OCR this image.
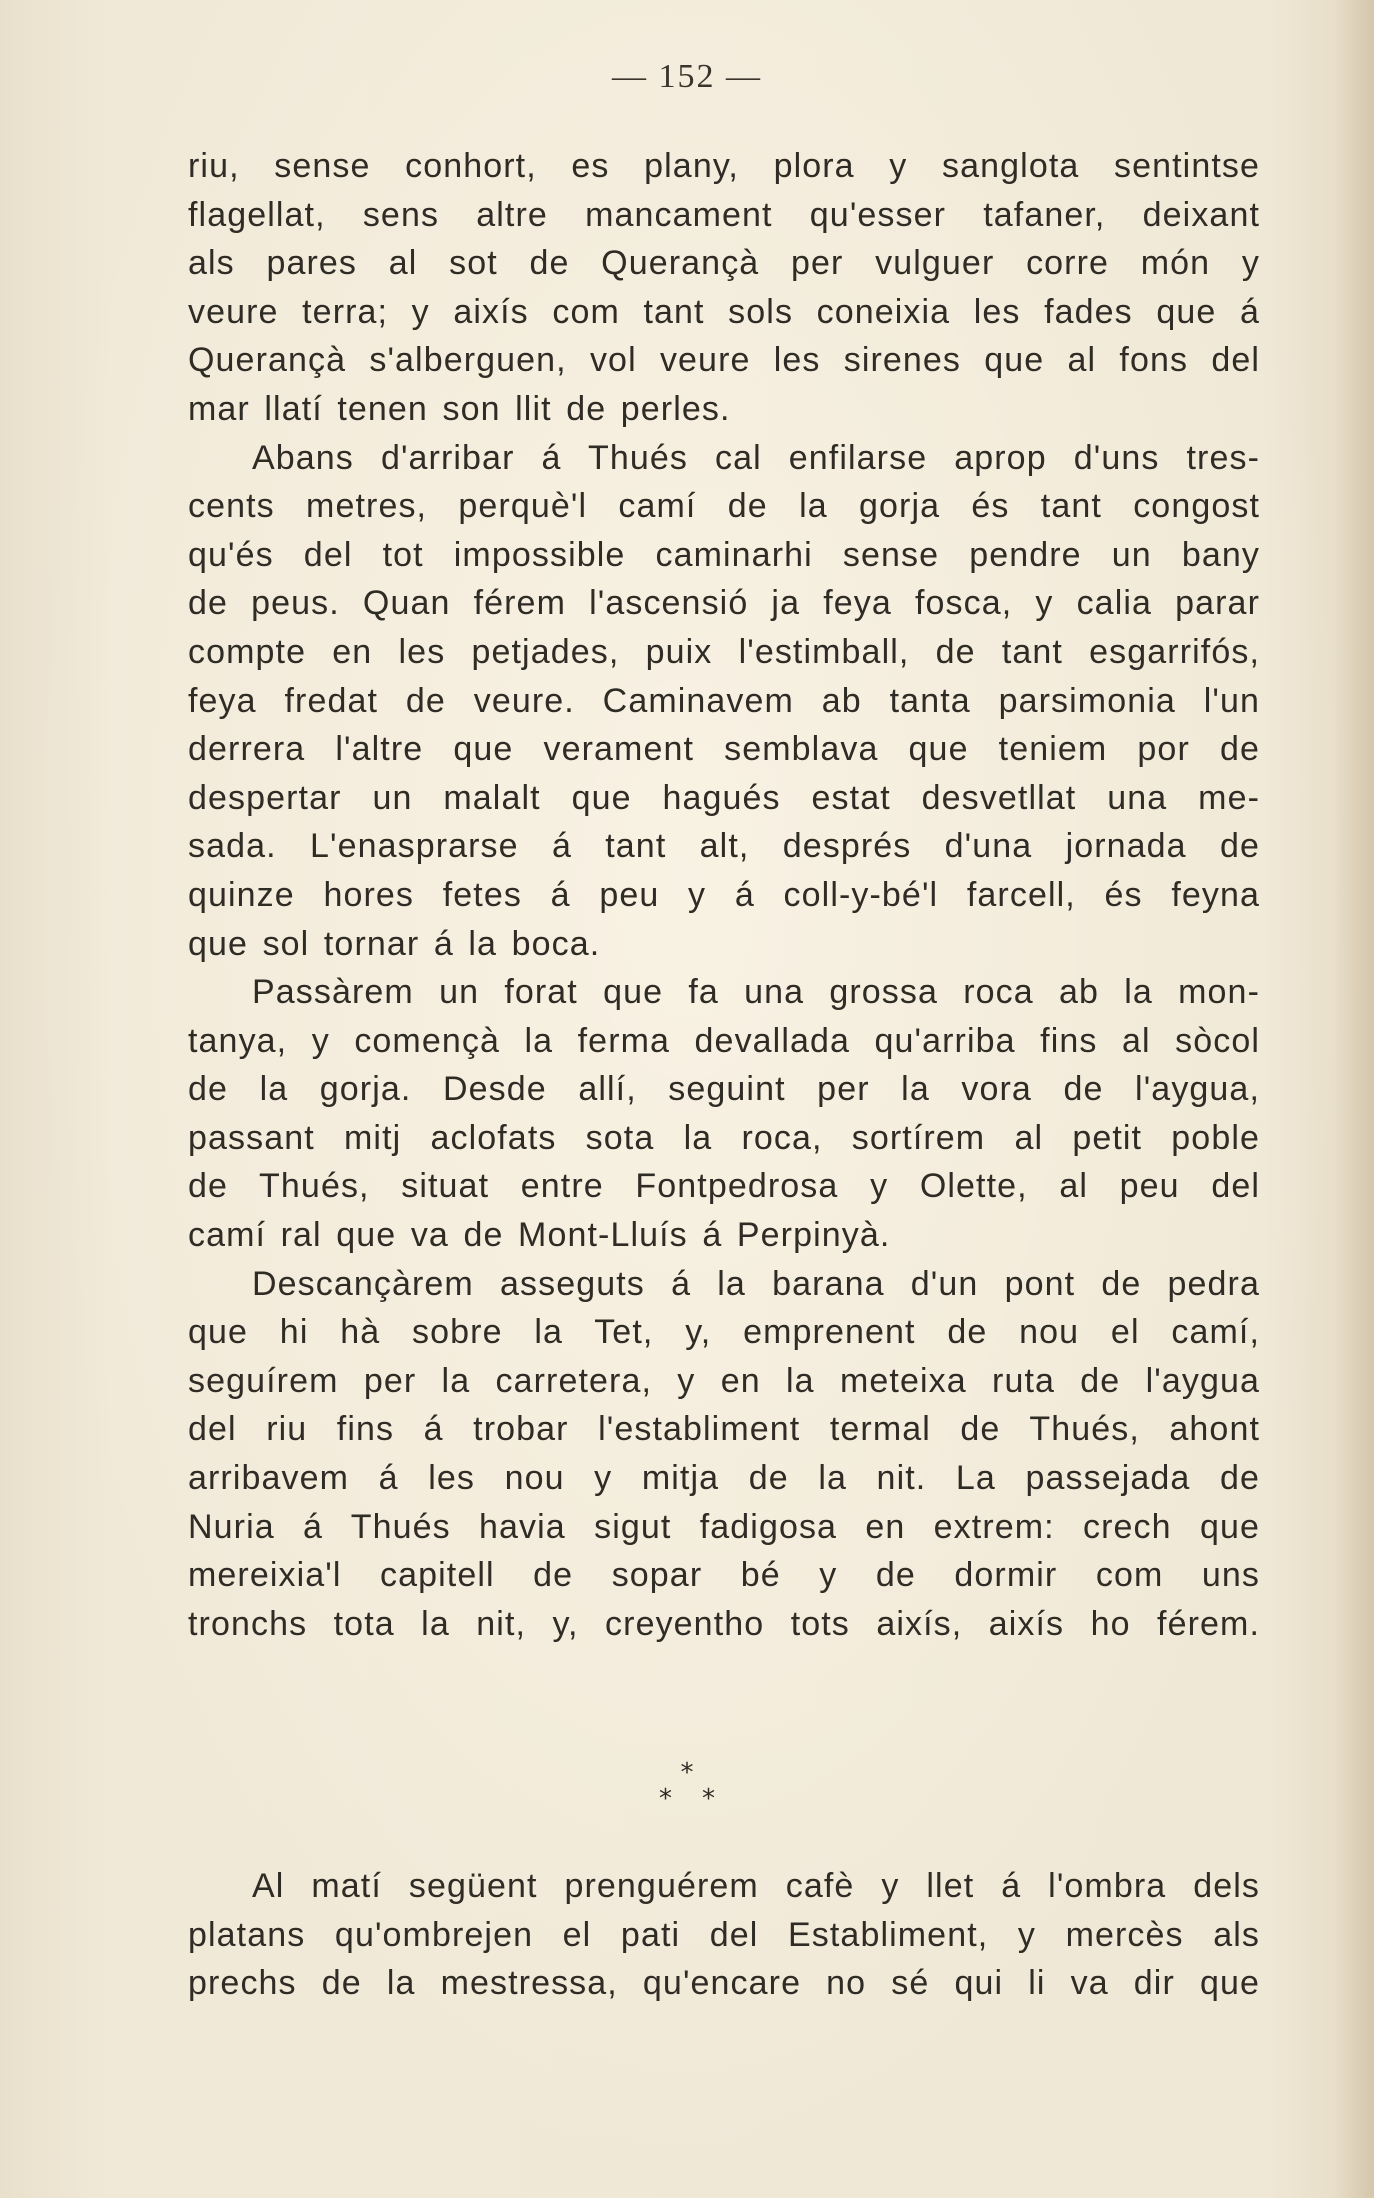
— 152 —

riu, sense conhort, es plany, plora y sanglota sentintse
flagellat, sens altre mancament qu'esser tafaner, deixant
als pares al sot de Querançà per vulguer corre món y
veure terra; y aixís com tant sols coneixia les fades que á
Querançà s'alberguen, vol veure les sirenes que al fons del
mar llatí tenen son llit de perles.

Abans d'arribar á Thués cal enfilarse aprop d'uns tres-
cents metres, perquè'l camí de la gorja és tant congost
qu'és del tot impossible caminarhi sense pendre un bany
de peus. Quan férem l'ascensió ja feya fosca, y calia parar
compte en les petjades, puix l'estimball, de tant esgarrifós,
feya fredat de veure. Caminavem ab tanta parsimonia l'un
derrera l'altre que verament semblava que teniem por de
despertar un malalt que hagués estat desvetllat una me-
sada. L'enasprarse á tant alt, després d'una jornada de
quinze hores fetes á peu y á coll-y-bé'l farcell, és feyna
que sol tornar á la boca.

Passàrem un forat que fa una grossa roca ab la mon-
tanya, y començà la ferma devallada qu'arriba fins al sòcol
de la gorja. Desde allí, seguint per la vora de l'aygua,
passant mitj aclofats sota la roca, sortírem al petit poble
de Thués, situat entre Fontpedrosa y Olette, al peu del
camí ral que va de Mont-Lluís á Perpinyà.

Descançàrem asseguts á la barana d'un pont de pedra
que hi hà sobre la Tet, y, emprenent de nou el camí,
seguírem per la carretera, y en la meteixa ruta de l'aygua
del riu fins á trobar l'establiment termal de Thués, ahont
arribavem á les nou y mitja de la nit. La passejada de
Nuria á Thués havia sigut fadigosa en extrem: crech que
mereixia'l capitell de sopar bé y de dormir com uns
tronchs tota la nit, y, creyentho tots aixís, aixís ho férem.

*
**

Al matí següent prenguérem cafè y llet á l'ombra dels
platans qu'ombrejen el pati del Establiment, y mercès als
prechs de la mestressa, qu'encare no sé qui li va dir que
